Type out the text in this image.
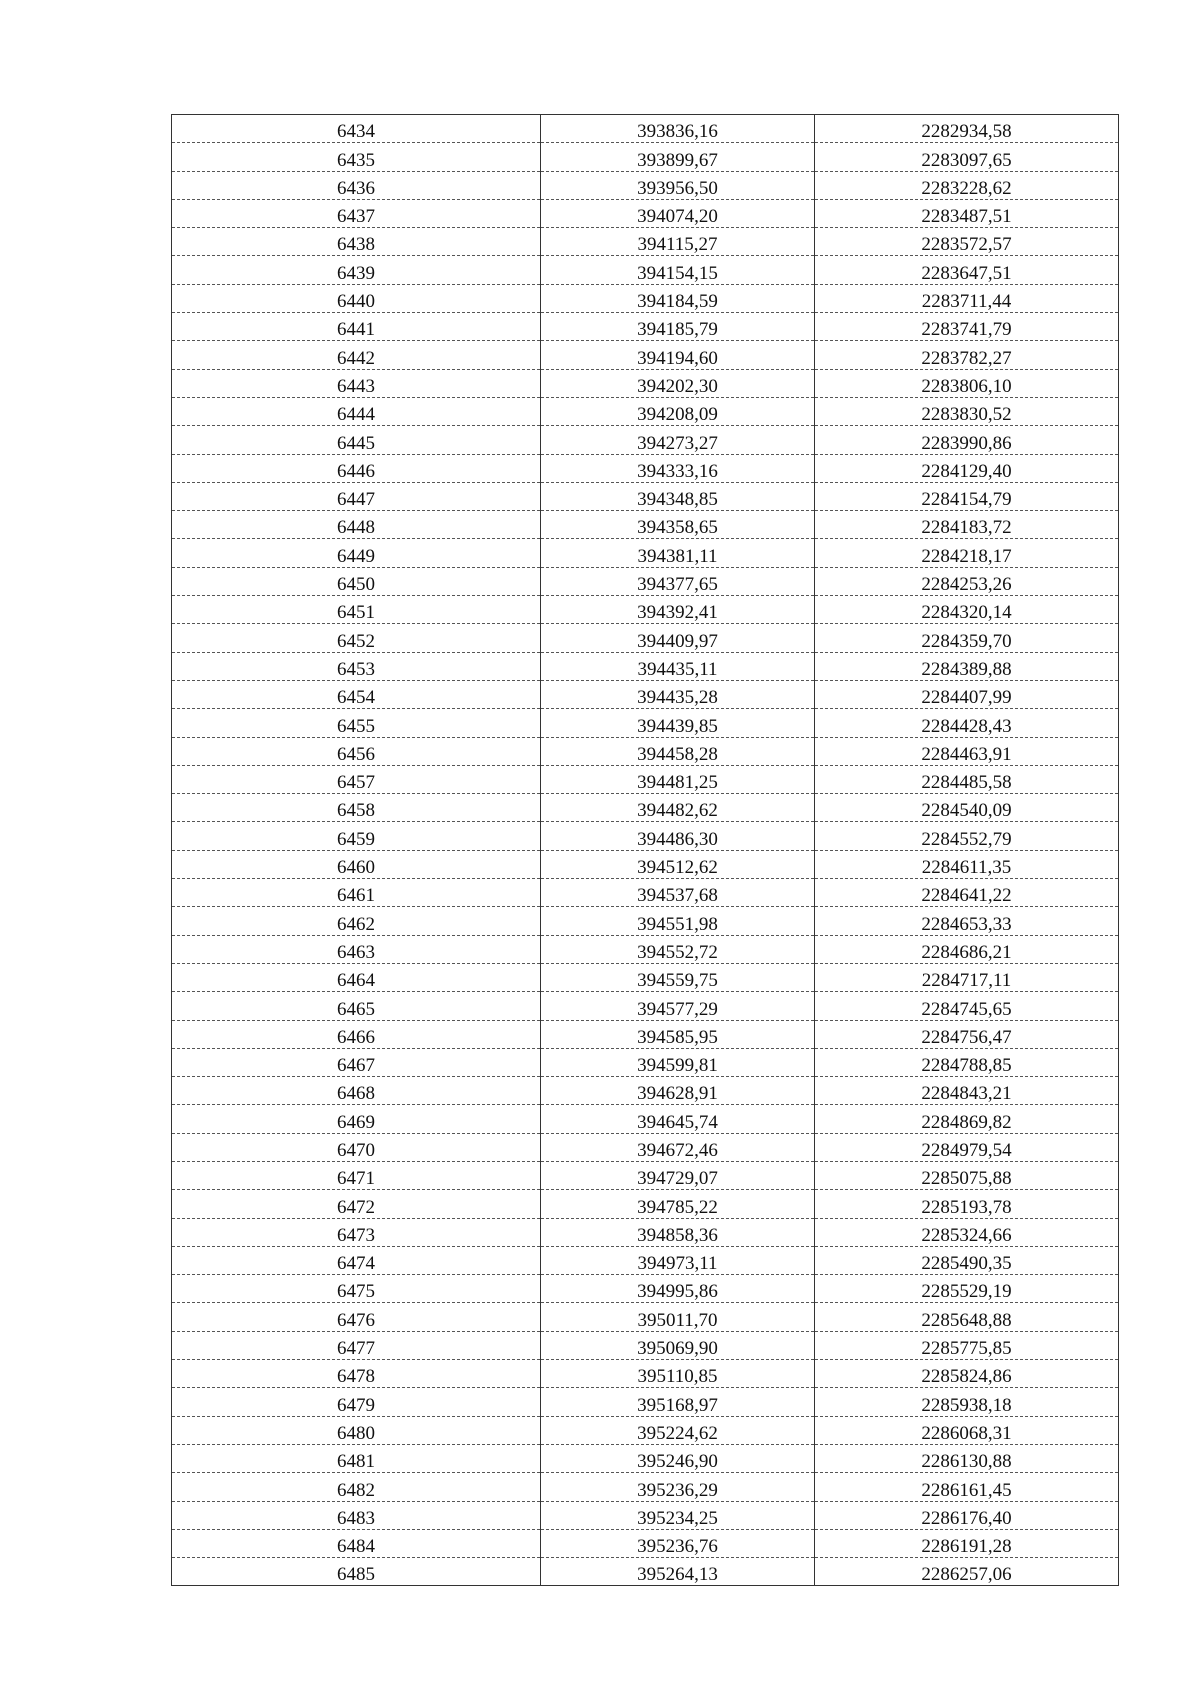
6434	393836,16	2282934,58
6435	393899,67	2283097,65
6436	393956,50	2283228,62
6437	394074,20	2283487,51
6438	394115,27	2283572,57
6439	394154,15	2283647,51
6440	394184,59	2283711,44
6441	394185,79	2283741,79
6442	394194,60	2283782,27
6443	394202,30	2283806,10
6444	394208,09	2283830,52
6445	394273,27	2283990,86
6446	394333,16	2284129,40
6447	394348,85	2284154,79
6448	394358,65	2284183,72
6449	394381,11	2284218,17
6450	394377,65	2284253,26
6451	394392,41	2284320,14
6452	394409,97	2284359,70
6453	394435,11	2284389,88
6454	394435,28	2284407,99
6455	394439,85	2284428,43
6456	394458,28	2284463,91
6457	394481,25	2284485,58
6458	394482,62	2284540,09
6459	394486,30	2284552,79
6460	394512,62	2284611,35
6461	394537,68	2284641,22
6462	394551,98	2284653,33
6463	394552,72	2284686,21
6464	394559,75	2284717,11
6465	394577,29	2284745,65
6466	394585,95	2284756,47
6467	394599,81	2284788,85
6468	394628,91	2284843,21
6469	394645,74	2284869,82
6470	394672,46	2284979,54
6471	394729,07	2285075,88
6472	394785,22	2285193,78
6473	394858,36	2285324,66
6474	394973,11	2285490,35
6475	394995,86	2285529,19
6476	395011,70	2285648,88
6477	395069,90	2285775,85
6478	395110,85	2285824,86
6479	395168,97	2285938,18
6480	395224,62	2286068,31
6481	395246,90	2286130,88
6482	395236,29	2286161,45
6483	395234,25	2286176,40
6484	395236,76	2286191,28
6485	395264,13	2286257,06
